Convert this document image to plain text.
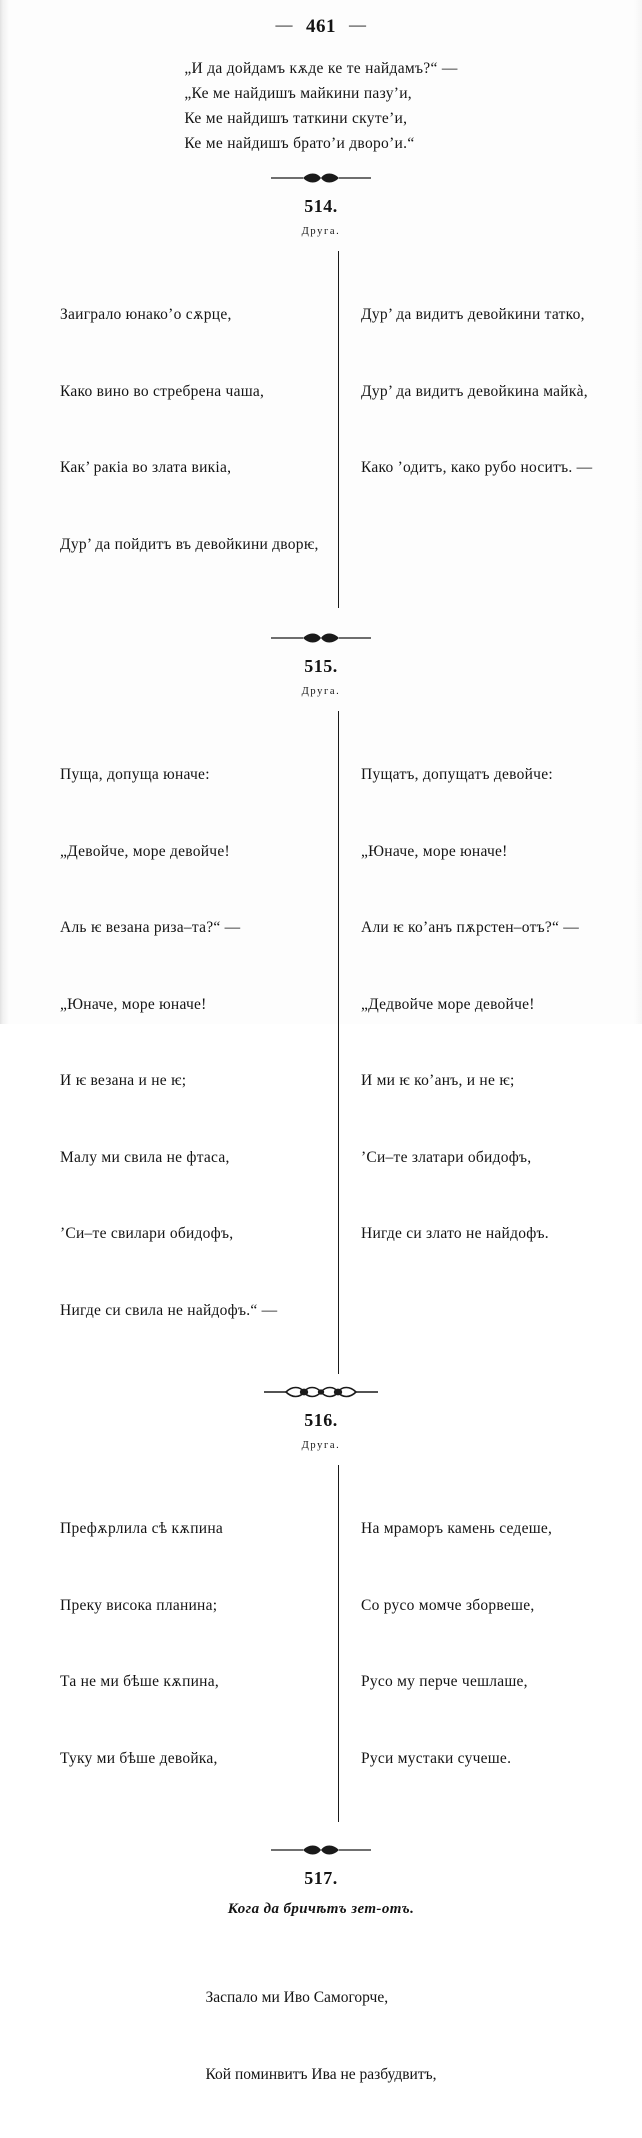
— 461 —
„И да дойдамъ кѫде ке те найдамъ?“ —
„Ке ме найдишъ майкини пазу’и,
Ке ме найдишъ таткини скуте’и,
Ке ме найдишъ брато’и дворо’и.“
514.
Друга.

Заиграло юнако’о сѫрце,

Како вино во стребрена чаша,

Как’ ракіа во злата викіа,

Дур’ да пойдитъ въ девойкини дворѥ,

Дур’ да видитъ девойкини татко,

Дур’ да видитъ девойкина майкà,

Како ’одитъ, како рубо носитъ. —

515.
Друга.

Пуща, допуща юначе:

„Девойче, море девойче!

Аль ѥ везана риза–та?“ —

„Юначе, море юначе!

И ѥ везана и не ѥ;

Малу ми свила не фтаса,

’Си–те свилари обидофъ,

Нигде си свила не найдофъ.“ —

Пущатъ, допущатъ девойче:

„Юначе, море юначе!

Али ѥ ко’анъ пѫрстен–отъ?“ —

„Дедвойче море девойче!

И ми ѥ ко’анъ, и не ѥ;

’Си–те златари обидофъ,

Нигде си злато не найдофъ.

516.
Друга.

Префѫрлила сѣ кѫпина

Преку висока планина;

Та не ми бѣше кѫпина,

Туку ми бѣше девойка,

На мраморъ камень седеше,

Со русо момче зборвеше,

Русо му перче чешлаше,

Руси мустаки сучеше.

517.
Кога да бричѣтъ зет-отъ.

Заспало ми Иво Самогорче,

Кой поминвитъ Ива не разбудвитъ,
